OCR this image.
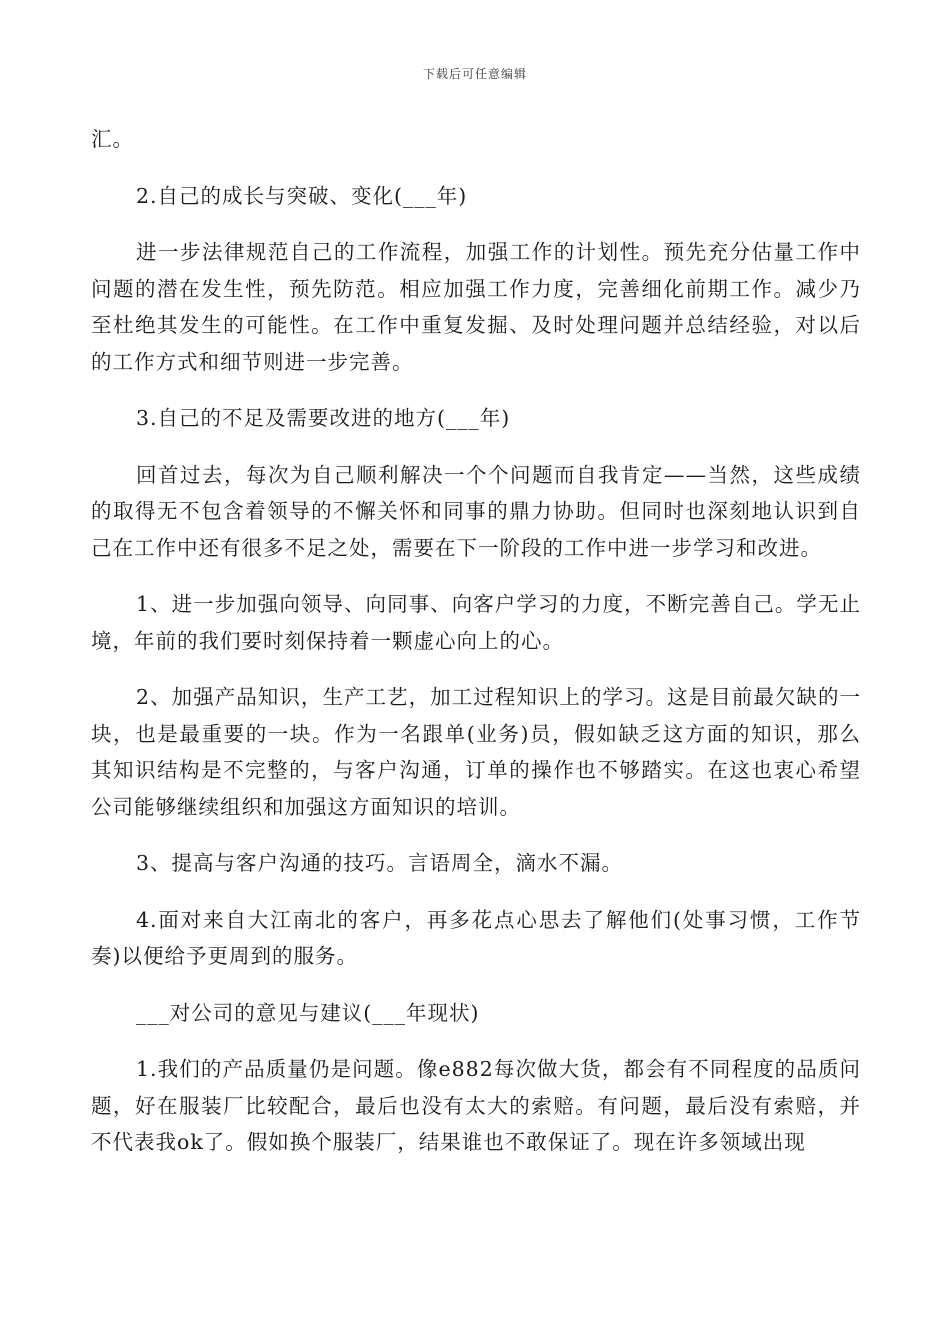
下载后可任意编辑

汇。

2.自己的成长与突破、变化(___年)

进一步法律规范自己的工作流程，加强工作的计划性。预先充分估量工作中问题的潜在发生性，预先防范。相应加强工作力度，完善细化前期工作。减少乃至杜绝其发生的可能性。在工作中重复发掘、及时处理问题并总结经验，对以后的工作方式和细节则进一步完善。

3.自己的不足及需要改进的地方(___年)

回首过去，每次为自己顺利解决一个个问题而自我肯定——当然，这些成绩的取得无不包含着领导的不懈关怀和同事的鼎力协助。但同时也深刻地认识到自己在工作中还有很多不足之处，需要在下一阶段的工作中进一步学习和改进。

1、进一步加强向领导、向同事、向客户学习的力度，不断完善自己。学无止境，年前的我们要时刻保持着一颗虚心向上的心。

2、加强产品知识，生产工艺，加工过程知识上的学习。这是目前最欠缺的一块，也是最重要的一块。作为一名跟单(业务)员，假如缺乏这方面的知识，那么其知识结构是不完整的，与客户沟通，订单的操作也不够踏实。在这也衷心希望公司能够继续组织和加强这方面知识的培训。

3、提高与客户沟通的技巧。言语周全，滴水不漏。

4.面对来自大江南北的客户，再多花点心思去了解他们(处事习惯，工作节奏)以便给予更周到的服务。

___对公司的意见与建议(___年现状)

1.我们的产品质量仍是问题。像e882每次做大货，都会有不同程度的品质问题，好在服装厂比较配合，最后也没有太大的索赔。有问题，最后没有索赔，并不代表我ok了。假如换个服装厂，结果谁也不敢保证了。现在许多领域出现
